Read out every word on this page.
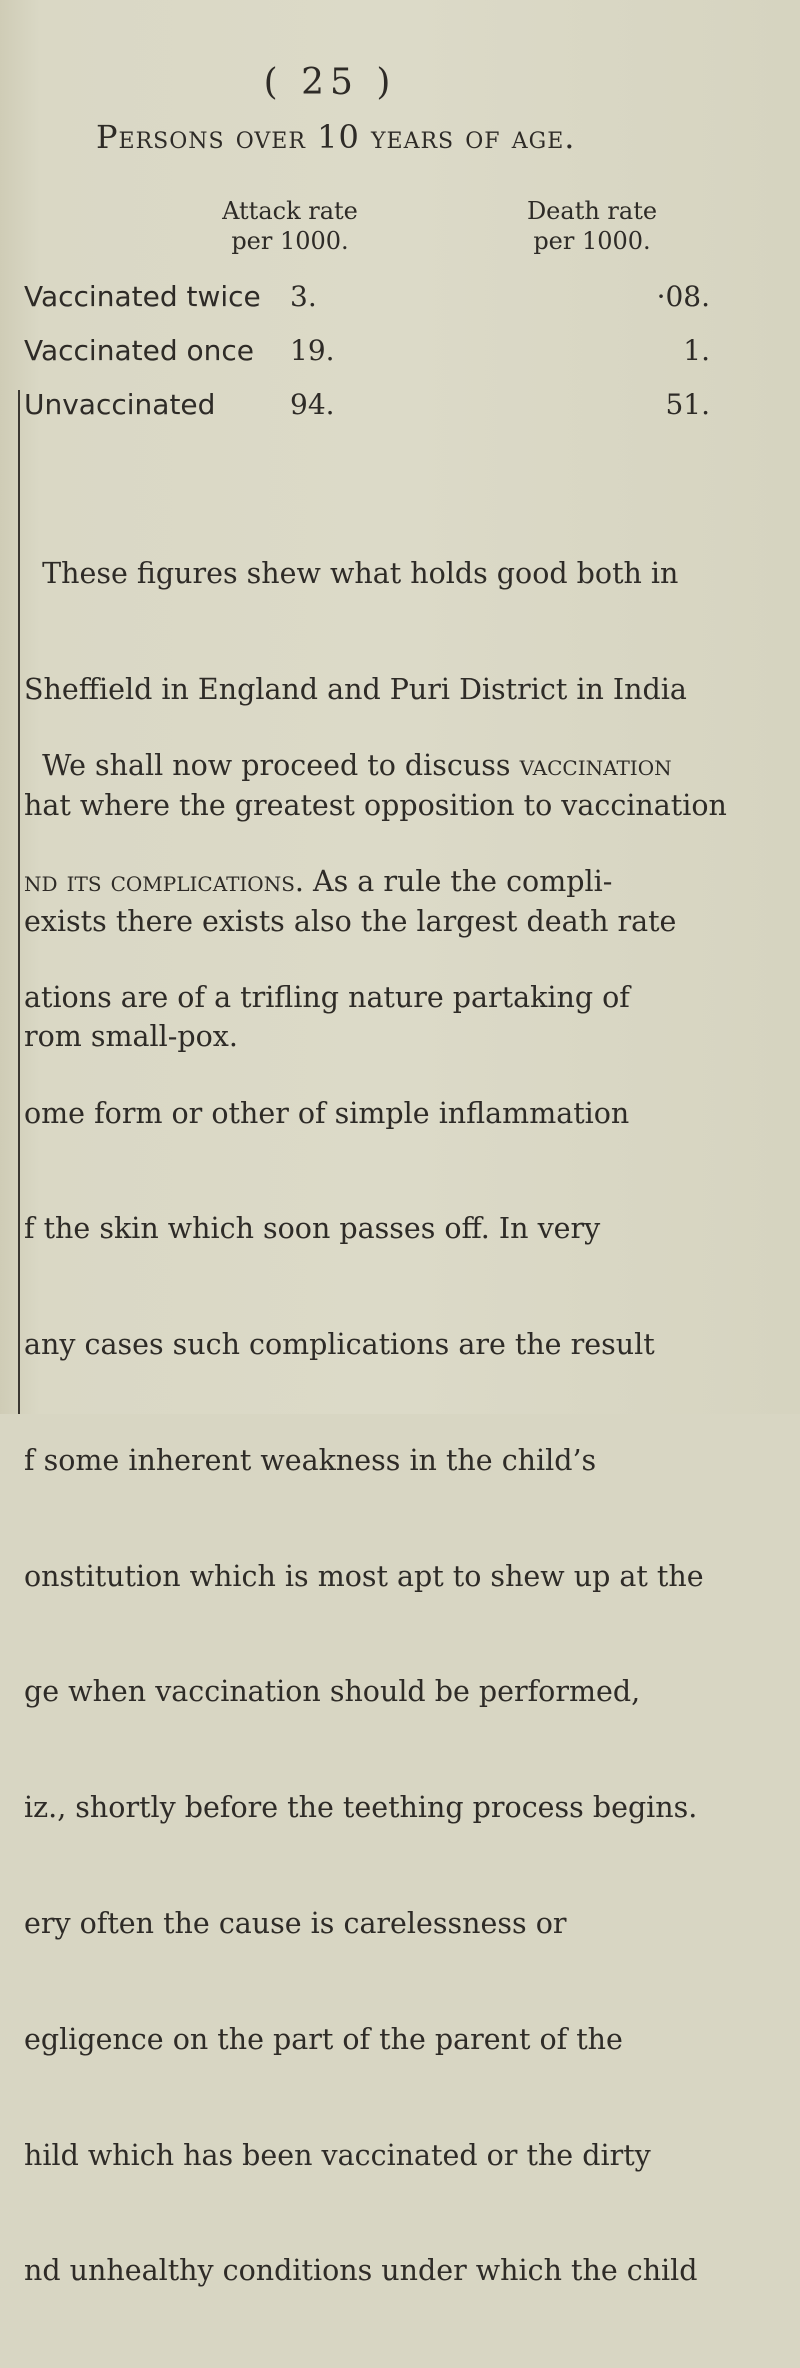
( 25 )
Persons over 10 years of age.
Attack rate
per 1000.
Death rate
per 1000.
Vaccinated twice 3.	·08.
Vaccinated once 19.	1.
Unvaccinated	94.	51.

These figures shew what holds good both in

Sheffield in England and Puri District in India

hat where the greatest opposition to vaccination

exists there exists also the largest death rate

rom small-pox.

We shall now proceed to discuss vaccination

nd its complications. As a rule the compli-

ations are of a trifling nature partaking of

ome form or other of simple inflammation

f the skin which soon passes off. In very

any cases such complications are the result

f some inherent weakness in the child’s

onstitution which is most apt to shew up at the

ge when vaccination should be performed,

iz., shortly before the teething process begins.

ery often the cause is carelessness or

egligence on the part of the parent of the

hild which has been vaccinated or the dirty

nd unhealthy conditions under which the child
